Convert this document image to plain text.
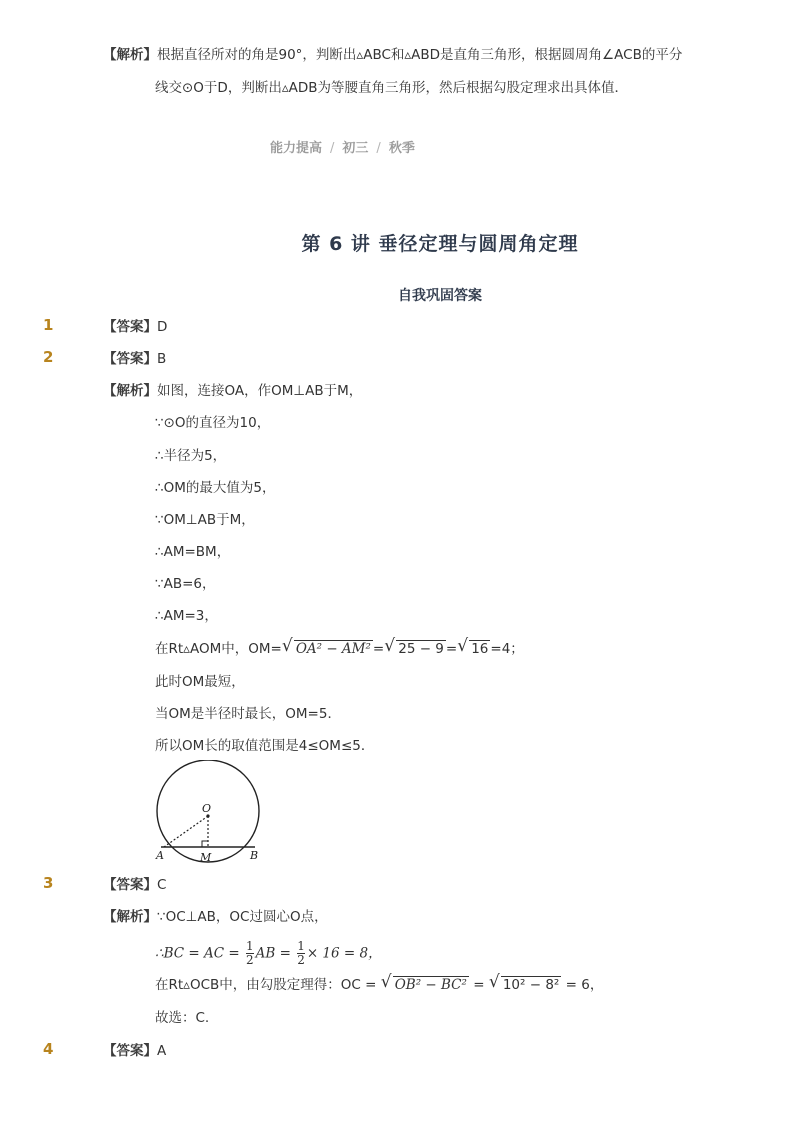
【解析】根据直径所对的角是90°，判断出▵ABC和▵ABD是直角三角形，根据圆周角∠ACB的平分
线交⊙O于D，判断出▵ADB为等腰直角三角形，然后根据勾股定理求出具体值．
能力提高 / 初三 / 秋季
第 6 讲 垂径定理与圆周角定理
自我巩固答案
1	【答案】D
2	【答案】B
【解析】如图，连接OA，作OM⊥AB于M，
∵⊙O的直径为10，
∴半径为5，
∴OM的最大值为5，
∵OM⊥AB于M，
∴AM=BM，
∵AB=6，
∴AM=3，
在Rt▵AOM中，OM= √ OA² − AM² = √ 25 − 9 = √ 16 =4；
此时OM最短，
当OM是半径时最长，OM=5．
所以OM长的取值范围是4≤OM≤5．
O
A	M	B
3	【答案】C
【解析】∵OC⊥AB，OC过圆心O点，
∴BC = AC = $\frac{1}{2}$ AB = $\frac{1}{2} \times 16 = 8$，
在Rt▵OCB中，由勾股定理得：OC = √ OB² − BC² = √ 10² − 8² = 6，
故选：C.
4	【答案】A
